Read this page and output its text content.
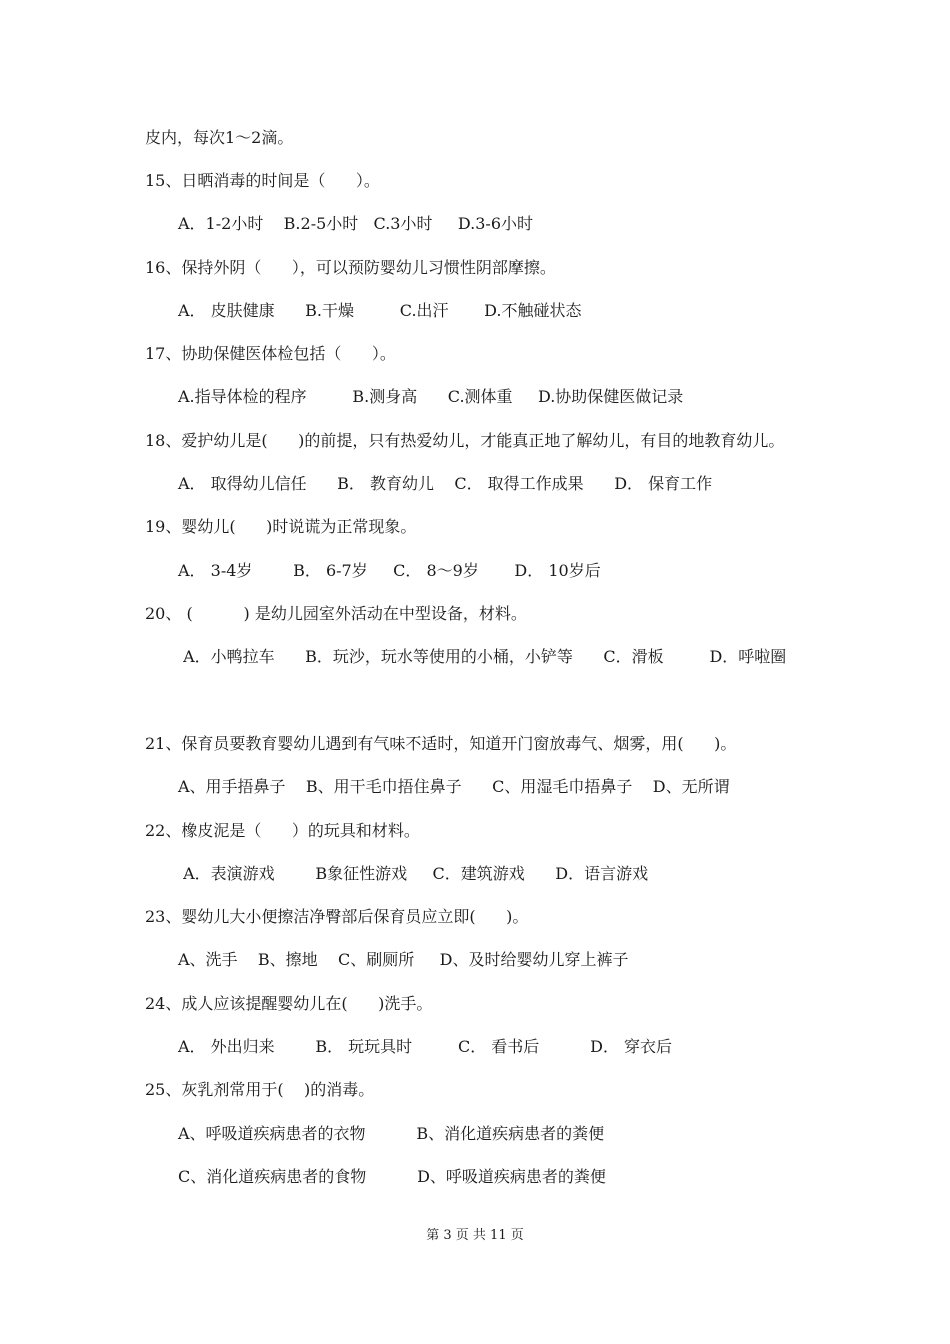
皮内，每次1～2滴。
15、日晒消毒的时间是（      ）。
A．1-2小时    B.2-5小时   C.3小时     D.3-6小时
16、保持外阴（      ），可以预防婴幼儿习惯性阴部摩擦。
A． 皮肤健康      B.干燥         C.出汗       D.不触碰状态
17、协助保健医体检包括（      ）。
A.指导体检的程序         B.测身高      C.测体重     D.协助保健医做记录
18、爱护幼儿是(      )的前提，只有热爱幼儿，才能真正地了解幼儿，有目的地教育幼儿。
A． 取得幼儿信任      B． 教育幼儿    C． 取得工作成果      D． 保育工作
19、婴幼儿(      )时说谎为正常现象。
A． 3-4岁        B． 6-7岁     C． 8～9岁       D． 10岁后
20、 (          ) 是幼儿园室外活动在中型设备，材料。
A．小鸭拉车      B．玩沙，玩水等使用的小桶，小铲等      C．滑板         D．呼啦圈
21、保育员要教育婴幼儿遇到有气味不适时，知道开门窗放毒气、烟雾，用(      )。
A、用手捂鼻子    B、用干毛巾捂住鼻子      C、用湿毛巾捂鼻子    D、无所谓
22、橡皮泥是（      ）的玩具和材料。
A．表演游戏        B象征性游戏     C．建筑游戏      D．语言游戏
23、婴幼儿大小便擦洁净臀部后保育员应立即(      )。
A、洗手    B、擦地    C、刷厕所     D、及时给婴幼儿穿上裤子
24、成人应该提醒婴幼儿在(      )洗手。
A． 外出归来        B． 玩玩具时         C． 看书后          D． 穿衣后
25、灰乳剂常用于(    )的消毒。
A、呼吸道疾病患者的衣物          B、消化道疾病患者的粪便
C、消化道疾病患者的食物          D、呼吸道疾病患者的粪便
第 3 页 共 11 页
